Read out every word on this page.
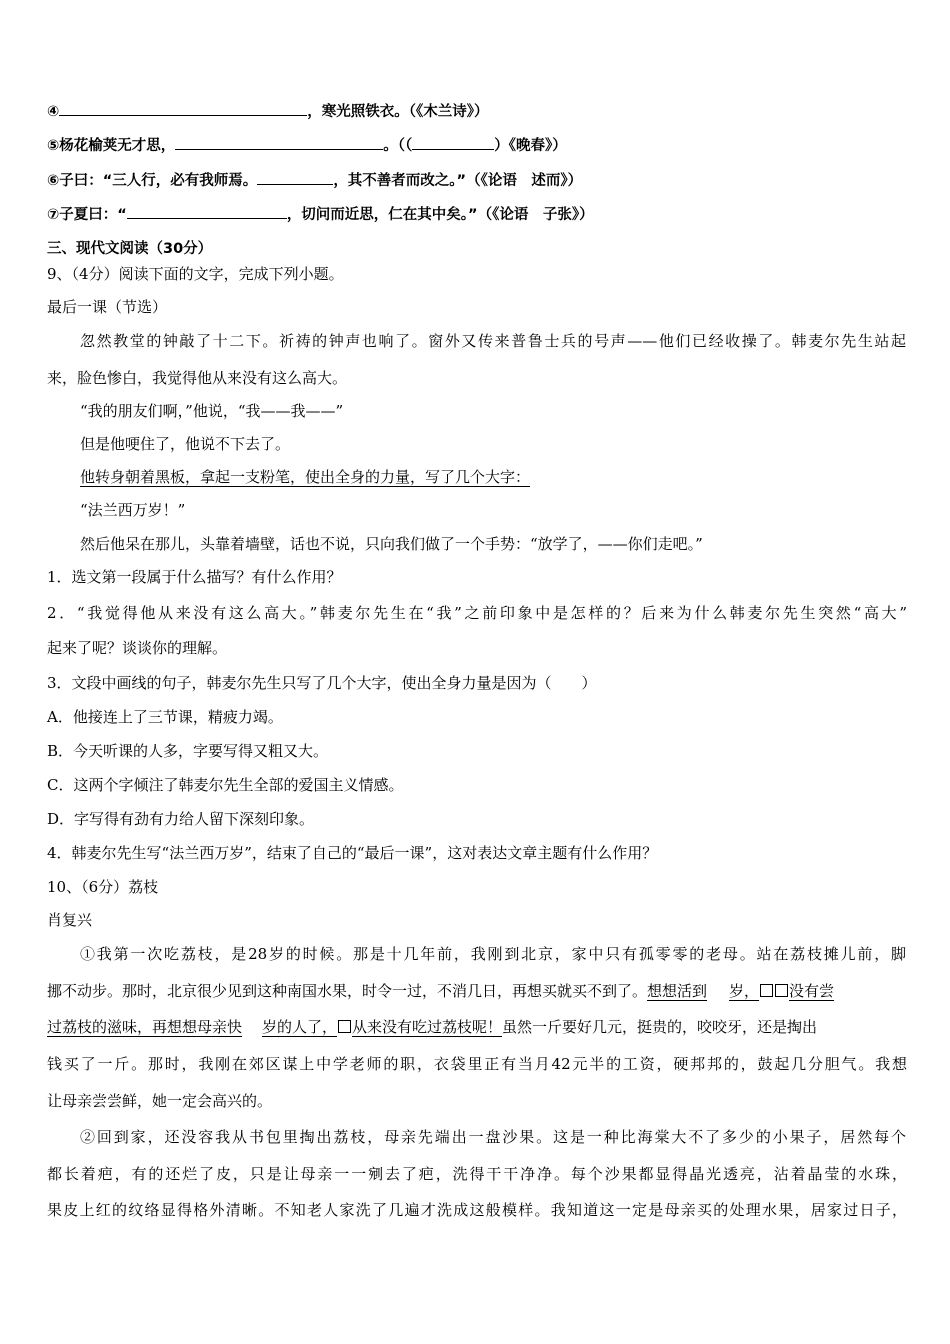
④	，寒光照铁衣。（《木兰诗》）
⑤杨花榆荚无才思，	。（（	）《晚春》）
⑥子曰：“三人行，必有我师焉。	，其不善者而改之。”（《论语　述而》）
⑦子夏曰：“	，切问而近思，仁在其中矣。”（《论语　子张》）
三、现代文阅读（30分）
9、（4分）阅读下面的文字，完成下列小题。
最后一课（节选）
忽然教堂的钟敲了十二下。祈祷的钟声也响了。窗外又传来普鲁士兵的号声——他们已经收操了。韩麦尔先生站起
来，脸色惨白，我觉得他从来没有这么高大。
“我的朋友们啊，”他说，“我——我——”
但是他哽住了，他说不下去了。
他转身朝着黑板，拿起一支粉笔，使出全身的力量，写了几个大字：
“法兰西万岁！”
然后他呆在那儿，头靠着墙壁，话也不说，只向我们做了一个手势：“放学了，——你们走吧。”
1．选文第一段属于什么描写？有什么作用？
2．“我觉得他从来没有这么高大。”韩麦尔先生在“我”之前印象中是怎样的？后来为什么韩麦尔先生突然“高大”
起来了呢？谈谈你的理解。
3．文段中画线的句子，韩麦尔先生只写了几个大字，使出全身力量是因为（　　）
A．他接连上了三节课，精疲力竭。
B．今天听课的人多，字要写得又粗又大。
C．这两个字倾注了韩麦尔先生全部的爱国主义情感。
D．字写得有劲有力给人留下深刻印象。
4．韩麦尔先生写“法兰西万岁”，结束了自己的“最后一课”，这对表达文章主题有什么作用？
10、（6分）荔枝
肖复兴
①我第一次吃荔枝，是28岁的时候。那是十几年前，我刚到北京，家中只有孤零零的老母。站在荔枝摊儿前，脚
挪不动步。那时，北京很少见到这种南国水果，时令一过，不消几日，再想买就买不到了。想想活到 岁， 没有尝
过荔枝的滋味，再想想母亲快 岁的人了， 从来没有吃过荔枝呢！虽然一斤要好几元，挺贵的，咬咬牙，还是掏出
钱买了一斤。那时，我刚在郊区谋上中学老师的职，衣袋里正有当月42元半的工资，硬邦邦的，鼓起几分胆气。我想
让母亲尝尝鲜，她一定会高兴的。
②回到家，还没容我从书包里掏出荔枝，母亲先端出一盘沙果。这是一种比海棠大不了多少的小果子，居然每个
都长着疤，有的还烂了皮，只是让母亲一一剜去了疤，洗得干干净净。每个沙果都显得晶光透亮，沾着晶莹的水珠，
果皮上红的纹络显得格外清晰。不知老人家洗了几遍才洗成这般模样。我知道这一定是母亲买的处理水果，居家过日子，
